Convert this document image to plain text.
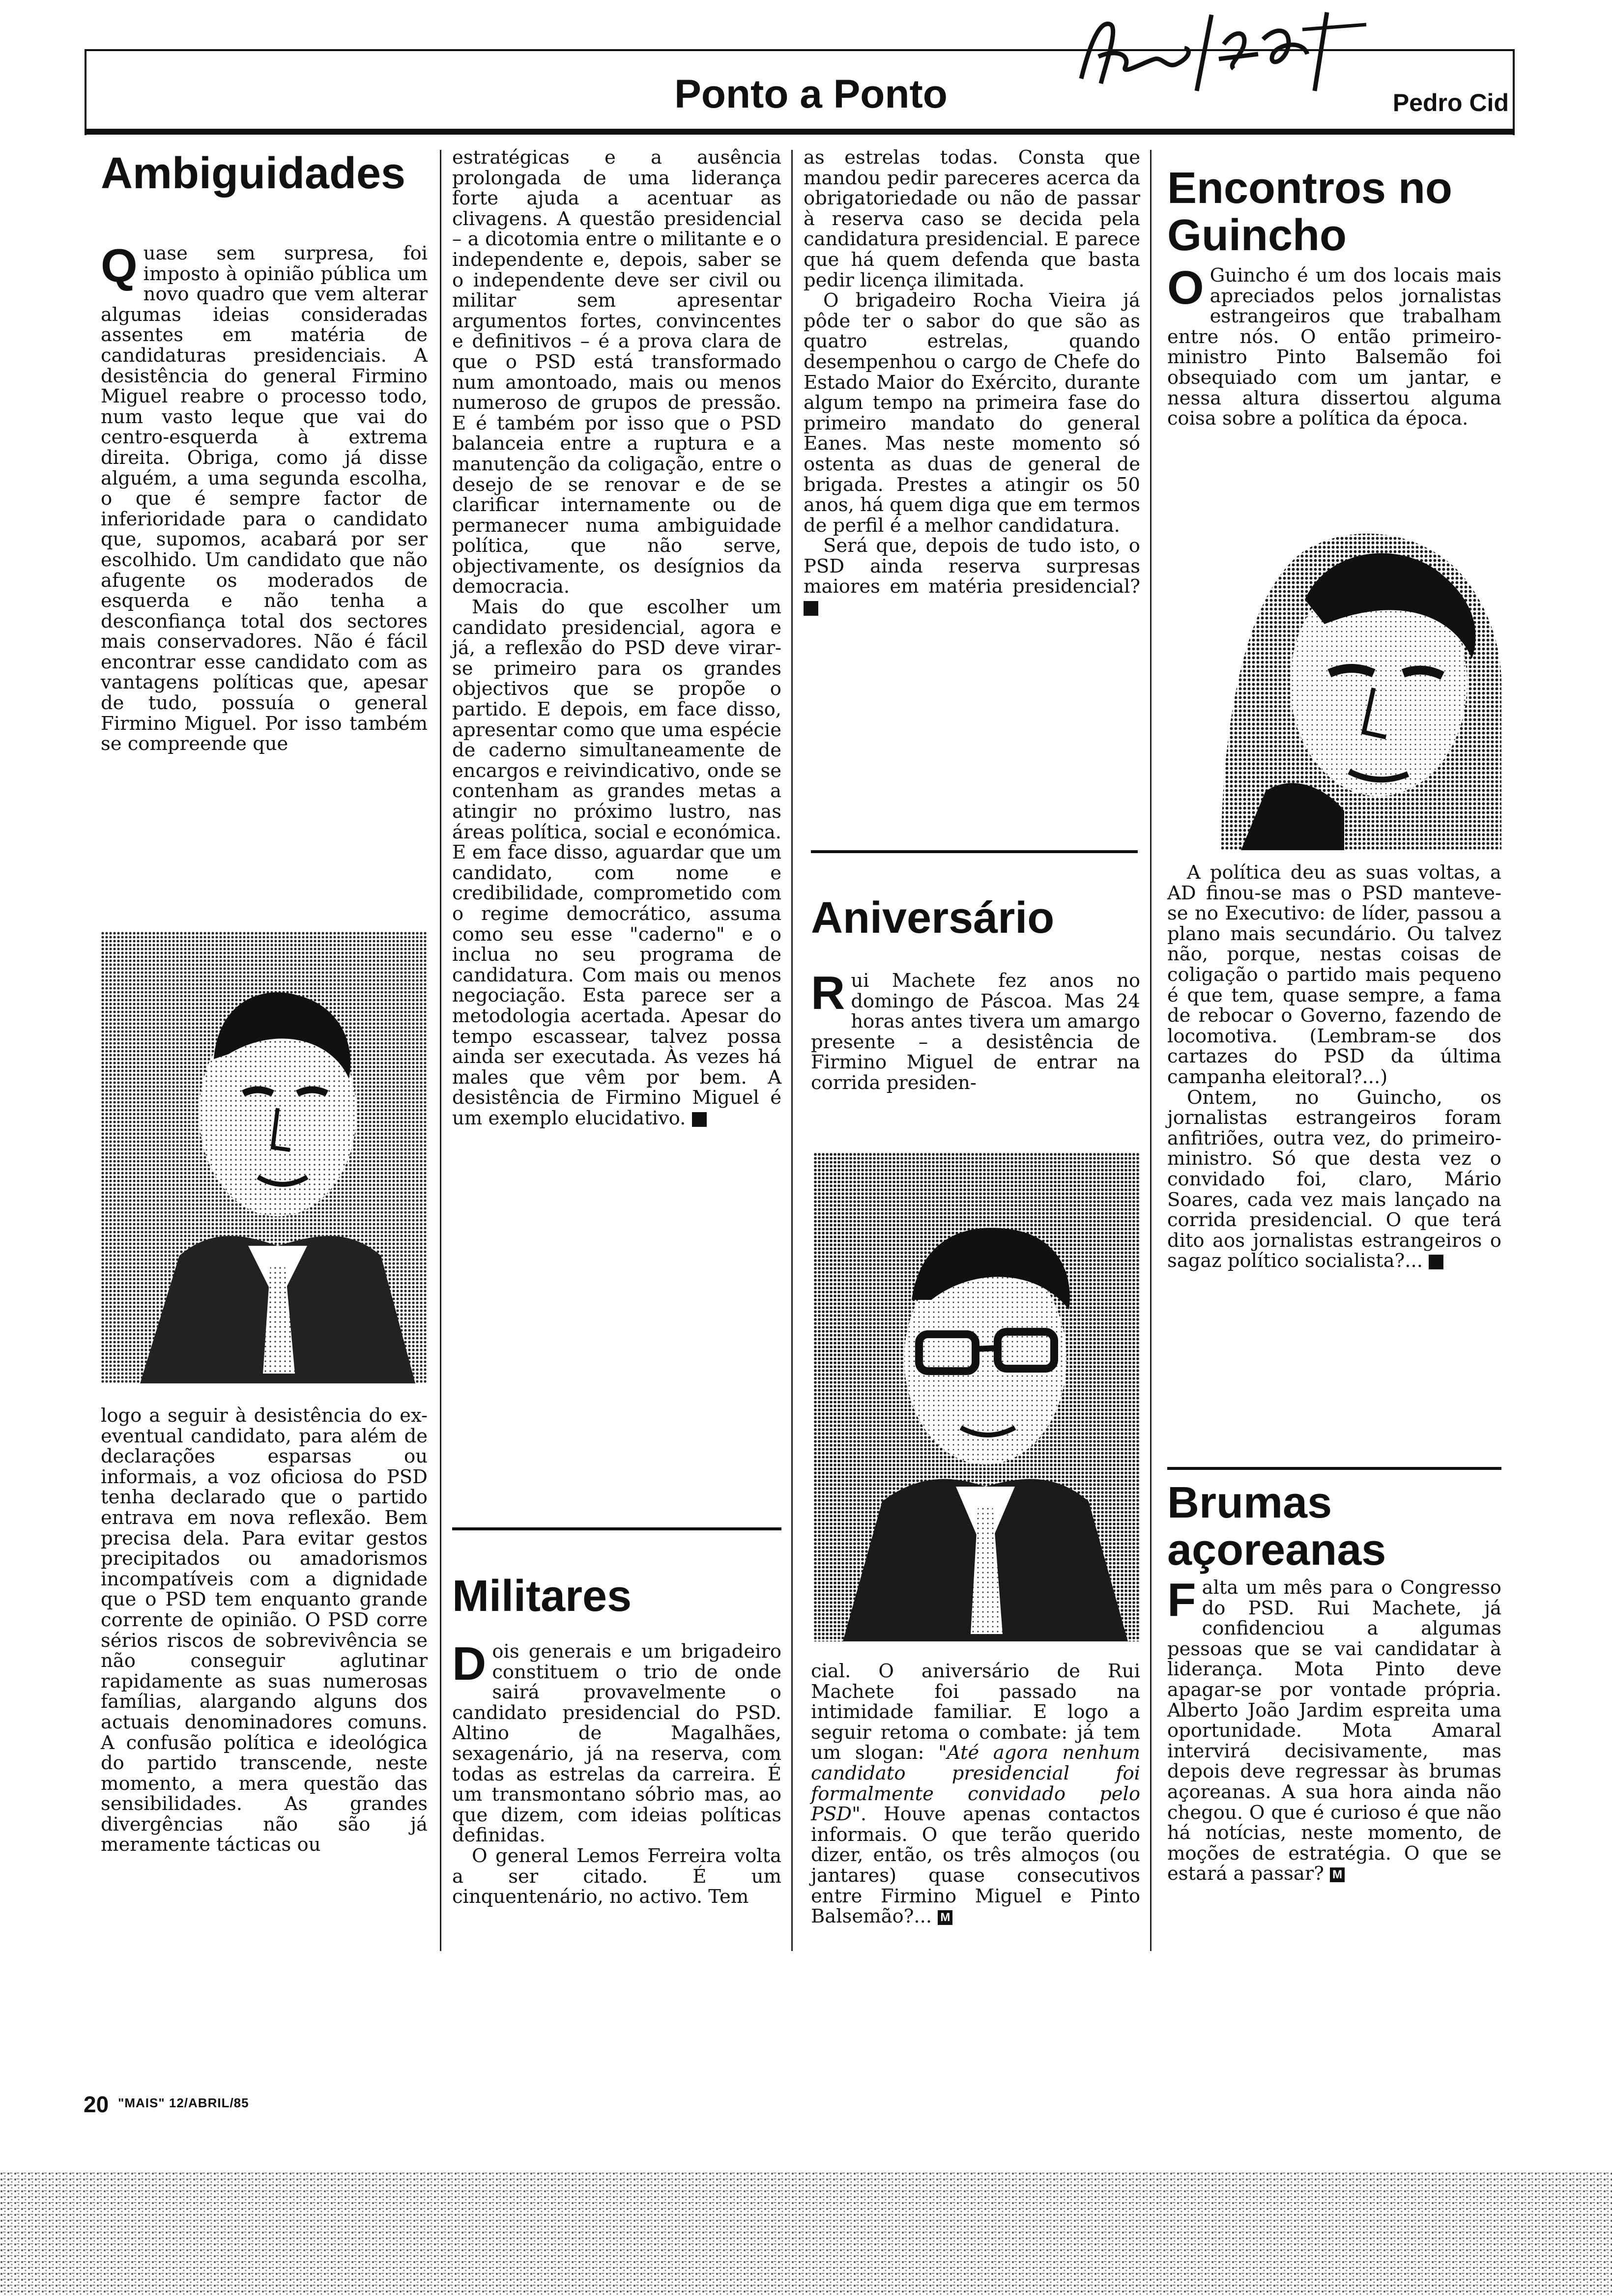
Ponto a Ponto	Pedro Cid
Ambiguidades

Quase sem surpresa, foi imposto à opinião pública um novo quadro que vem alterar algumas ideias consideradas assentes em matéria de candidaturas presidenciais. A desistência do general Firmino Miguel reabre o processo todo, num vasto leque que vai do centro-esquerda à extrema direita. Obriga, como já disse alguém, a uma segunda escolha, o que é sempre factor de inferioridade para o candidato que, supomos, acabará por ser escolhido. Um candidato que não afugente os moderados de esquerda e não tenha a desconfiança total dos sectores mais conservadores. Não é fácil encontrar esse candidato com as vantagens políticas que, apesar de tudo, possuía o general Firmino Miguel. Por isso também se compreende que

logo a seguir à desistência do ex-eventual candidato, para além de declarações esparsas ou informais, a voz oficiosa do PSD tenha declarado que o partido entrava em nova reflexão. Bem precisa dela. Para evitar gestos precipitados ou amadorismos incompatíveis com a dignidade que o PSD tem enquanto grande corrente de opinião. O PSD corre sérios riscos de sobrevivência se não conseguir aglutinar rapidamente as suas numerosas famílias, alargando alguns dos actuais denominadores comuns. A confusão política e ideológica do partido transcende, neste momento, a mera questão das sensibilidades. As grandes divergências não são já meramente tácticas ou

estratégicas e a ausência prolongada de uma liderança forte ajuda a acentuar as clivagens. A questão presidencial – a dicotomia entre o militante e o independente e, depois, saber se o independente deve ser civil ou militar sem apresentar argumentos fortes, convincentes e definitivos – é a prova clara de que o PSD está transformado num amontoado, mais ou menos numeroso de grupos de pressão. E é também por isso que o PSD balanceia entre a ruptura e a manutenção da coligação, entre o desejo de se renovar e de se clarificar internamente ou de permanecer numa ambiguidade política, que não serve, objectivamente, os desígnios da democracia.

Mais do que escolher um candidato presidencial, agora e já, a reflexão do PSD deve virar-se primeiro para os grandes objectivos que se propõe o partido. E depois, em face disso, apresentar como que uma espécie de caderno simultaneamente de encargos e reivindicativo, onde se contenham as grandes metas a atingir no próximo lustro, nas áreas política, social e económica. E em face disso, aguardar que um candidato, com nome e credibilidade, comprometido com o regime democrático, assuma como seu esse "caderno" e o inclua no seu programa de candidatura. Com mais ou menos negociação. Esta parece ser a metodologia acertada. Apesar do tempo escassear, talvez possa ainda ser executada. Às vezes há males que vêm por bem. A desistência de Firmino Miguel é um exemplo elucidativo. M

Militares

Dois generais e um brigadeiro constituem o trio de onde sairá provavelmente o candidato presidencial do PSD. Altino de Magalhães, sexagenário, já na reserva, com todas as estrelas da carreira. É um transmontano sóbrio mas, ao que dizem, com ideias políticas definidas.

O general Lemos Ferreira volta a ser citado. É um cinquentenário, no activo. Tem

as estrelas todas. Consta que mandou pedir pareceres acerca da obrigatoriedade ou não de passar à reserva caso se decida pela candidatura presidencial. E parece que há quem defenda que basta pedir licença ilimitada.

O brigadeiro Rocha Vieira já pôde ter o sabor do que são as quatro estrelas, quando desempenhou o cargo de Chefe do Estado Maior do Exército, durante algum tempo na primeira fase do primeiro mandato do general Eanes. Mas neste momento só ostenta as duas de general de brigada. Prestes a atingir os 50 anos, há quem diga que em termos de perfil é a melhor candidatura.

Será que, depois de tudo isto, o PSD ainda reserva surpresas maiores em matéria presidencial? M

Aniversário

Rui Machete fez anos no domingo de Páscoa. Mas 24 horas antes tivera um amargo presente – a desistência de Firmino Miguel de entrar na corrida presiden-

cial. O aniversário de Rui Machete foi passado na intimidade familiar. E logo a seguir retoma o combate: já tem um slogan: "Até agora nenhum candidato presidencial foi formalmente convidado pelo PSD". Houve apenas contactos informais. O que terão querido dizer, então, os três almoços (ou jantares) quase consecutivos entre Firmino Miguel e Pinto Balsemão?... M

Encontros no Guincho

O Guincho é um dos locais mais apreciados pelos jornalistas estrangeiros que trabalham entre nós. O então primeiro-ministro Pinto Balsemão foi obsequiado com um jantar, e nessa altura dissertou alguma coisa sobre a política da época.

A política deu as suas voltas, a AD finou-se mas o PSD manteve-se no Executivo: de líder, passou a plano mais secundário. Ou talvez não, porque, nestas coisas de coligação o partido mais pequeno é que tem, quase sempre, a fama de rebocar o Governo, fazendo de locomotiva. (Lembram-se dos cartazes do PSD da última campanha eleitoral?...)

Ontem, no Guincho, os jornalistas estrangeiros foram anfitriões, outra vez, do primeiro-ministro. Só que desta vez o convidado foi, claro, Mário Soares, cada vez mais lançado na corrida presidencial. O que terá dito aos jornalistas estrangeiros o sagaz político socialista?... M

Brumas açoreanas

Falta um mês para o Congresso do PSD. Rui Machete, já confidenciou a algumas pessoas que se vai candidatar à liderança. Mota Pinto deve apagar-se por vontade própria. Alberto João Jardim espreita uma oportunidade. Mota Amaral intervirá decisivamente, mas depois deve regressar às brumas açoreanas. A sua hora ainda não chegou. O que é curioso é que não há notícias, neste momento, de moções de estratégia. O que se estará a passar? M

20 "MAIS" 12/ABRIL/85
